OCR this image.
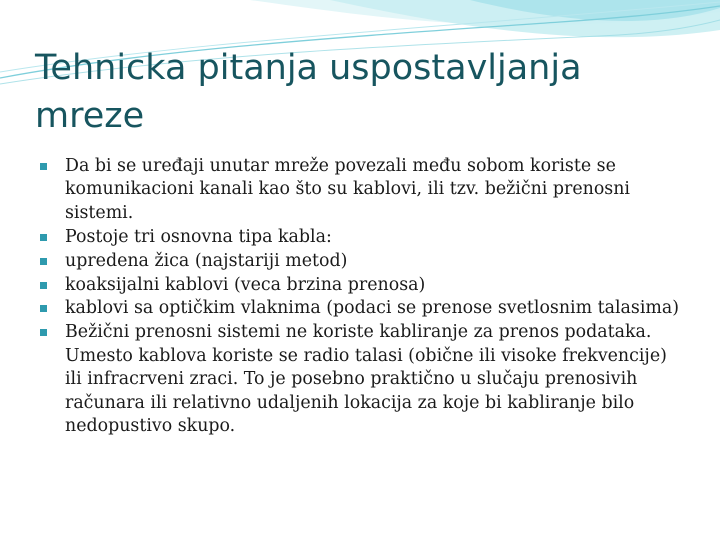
Tehnicka pitanja uspostavljanja mreze
Da bi se uređaji unutar mreže povezali među sobom koriste se komunikacioni kanali kao što su kablovi, ili tzv. bežični prenosni sistemi.
Postoje tri osnovna tipa kabla:
upredena žica (najstariji metod)
koaksijalni kablovi (veca brzina prenosa)
kablovi sa optičkim vlaknima (podaci se prenose svetlosnim talasima)
Bežični prenosni sistemi ne koriste kabliranje za prenos podataka. Umesto kablova koriste se radio talasi (obične ili visoke frekvencije) ili infracrveni zraci. To je posebno praktično u slučaju prenosivih računara ili relativno udaljenih lokacija za koje bi kabliranje bilo nedopustivo skupo.
